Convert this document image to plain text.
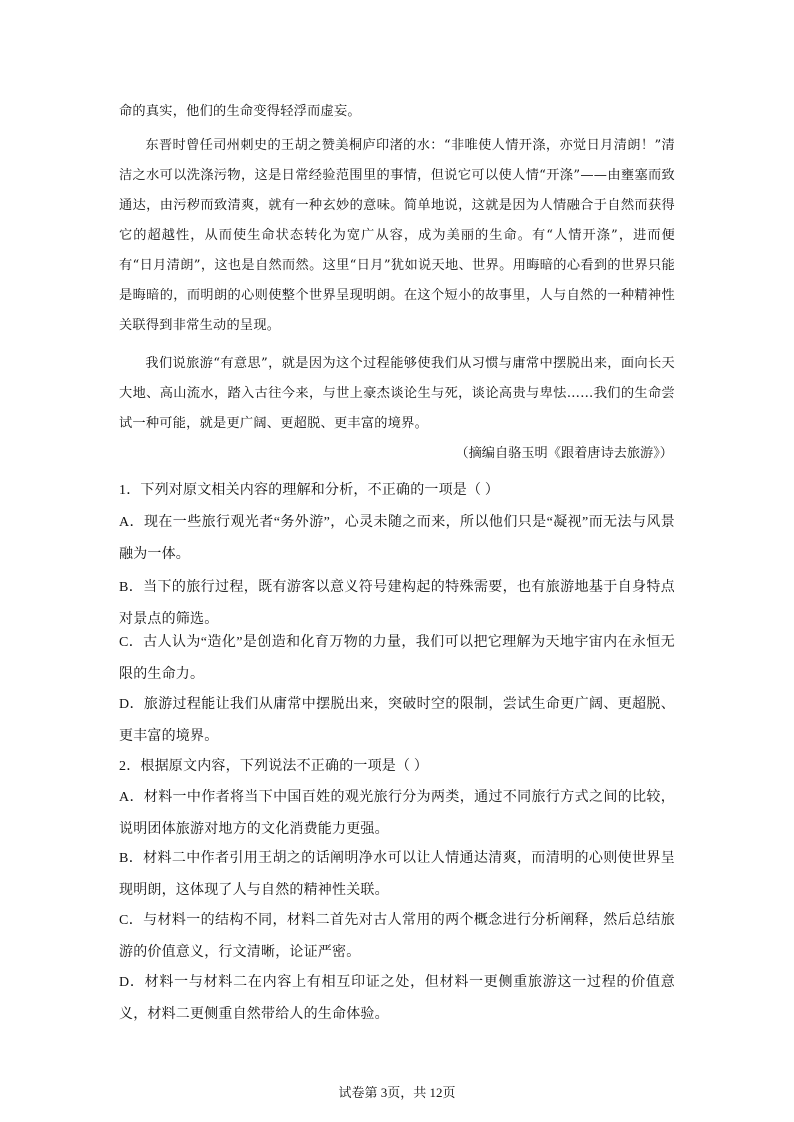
命的真实，他们的生命变得轻浮而虚妄。

东晋时曾任司州刺史的王胡之赞美桐庐印渚的水：“非唯使人情开涤，亦觉日月清朗！”清洁之水可以洗涤污物，这是日常经验范围里的事情，但说它可以使人情“开涤”——由壅塞而致通达，由污秽而致清爽，就有一种玄妙的意味。简单地说，这就是因为人情融合于自然而获得它的超越性，从而使生命状态转化为宽广从容，成为美丽的生命。有“人情开涤”，进而便有“日月清朗”，这也是自然而然。这里“日月”犹如说天地、世界。用晦暗的心看到的世界只能是晦暗的，而明朗的心则使整个世界呈现明朗。在这个短小的故事里，人与自然的一种精神性关联得到非常生动的呈现。

我们说旅游“有意思”，就是因为这个过程能够使我们从习惯与庸常中摆脱出来，面向长天大地、高山流水，踏入古往今来，与世上豪杰谈论生与死，谈论高贵与卑怯……我们的生命尝试一种可能，就是更广阔、更超脱、更丰富的境界。

（摘编自骆玉明《跟着唐诗去旅游》）

1．下列对原文相关内容的理解和分析，不正确的一项是（ ）

A．现在一些旅行观光者“务外游”，心灵未随之而来，所以他们只是“凝视”而无法与风景融为一体。

B．当下的旅行过程，既有游客以意义符号建构起的特殊需要，也有旅游地基于自身特点对景点的筛选。

C．古人认为“造化”是创造和化育万物的力量，我们可以把它理解为天地宇宙内在永恒无限的生命力。

D．旅游过程能让我们从庸常中摆脱出来，突破时空的限制，尝试生命更广阔、更超脱、更丰富的境界。

2．根据原文内容，下列说法不正确的一项是（ ）

A．材料一中作者将当下中国百姓的观光旅行分为两类，通过不同旅行方式之间的比较，说明团体旅游对地方的文化消费能力更强。

B．材料二中作者引用王胡之的话阐明净水可以让人情通达清爽，而清明的心则使世界呈现明朗，这体现了人与自然的精神性关联。

C．与材料一的结构不同，材料二首先对古人常用的两个概念进行分析阐释，然后总结旅游的价值意义，行文清晰，论证严密。

D．材料一与材料二在内容上有相互印证之处，但材料一更侧重旅游这一过程的价值意义，材料二更侧重自然带给人的生命体验。

试卷第 3页，共 12页
